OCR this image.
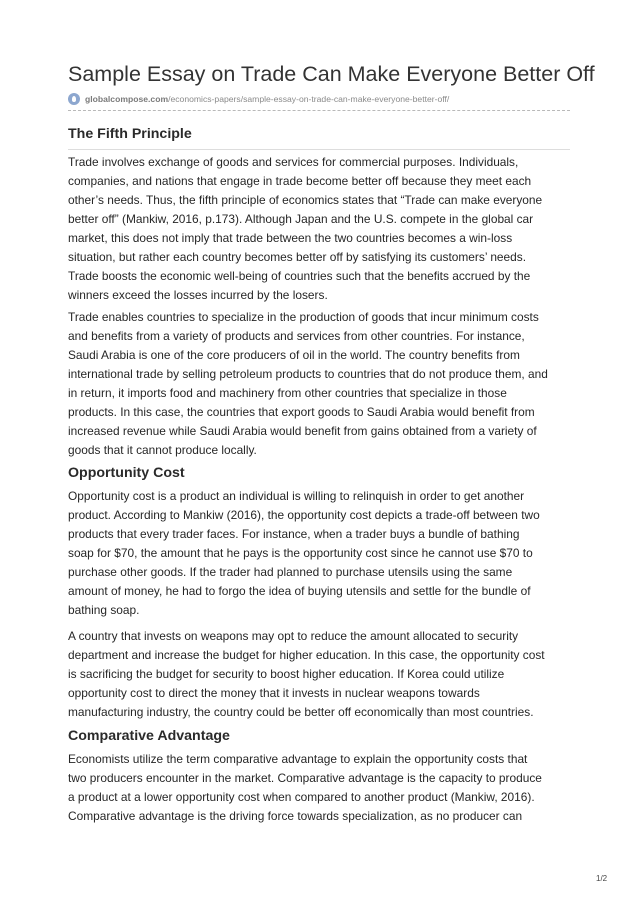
Sample Essay on Trade Can Make Everyone Better Off
globalcompose.com/economics-papers/sample-essay-on-trade-can-make-everyone-better-off/
The Fifth Principle
Trade involves exchange of goods and services for commercial purposes. Individuals, companies, and nations that engage in trade become better off because they meet each other’s needs. Thus, the fifth principle of economics states that “Trade can make everyone better off” (Mankiw, 2016, p.173). Although Japan and the U.S. compete in the global car market, this does not imply that trade between the two countries becomes a win-loss situation, but rather each country becomes better off by satisfying its customers’ needs. Trade boosts the economic well-being of countries such that the benefits accrued by the winners exceed the losses incurred by the losers.
Trade enables countries to specialize in the production of goods that incur minimum costs and benefits from a variety of products and services from other countries. For instance, Saudi Arabia is one of the core producers of oil in the world. The country benefits from international trade by selling petroleum products to countries that do not produce them, and in return, it imports food and machinery from other countries that specialize in those products. In this case, the countries that export goods to Saudi Arabia would benefit from increased revenue while Saudi Arabia would benefit from gains obtained from a variety of goods that it cannot produce locally.
Opportunity Cost
Opportunity cost is a product an individual is willing to relinquish in order to get another product. According to Mankiw (2016), the opportunity cost depicts a trade-off between two products that every trader faces. For instance, when a trader buys a bundle of bathing soap for $70, the amount that he pays is the opportunity cost since he cannot use $70 to purchase other goods. If the trader had planned to purchase utensils using the same amount of money, he had to forgo the idea of buying utensils and settle for the bundle of bathing soap.
A country that invests on weapons may opt to reduce the amount allocated to security department and increase the budget for higher education. In this case, the opportunity cost is sacrificing the budget for security to boost higher education. If Korea could utilize opportunity cost to direct the money that it invests in nuclear weapons towards manufacturing industry, the country could be better off economically than most countries.
Comparative Advantage
Economists utilize the term comparative advantage to explain the opportunity costs that two producers encounter in the market. Comparative advantage is the capacity to produce a product at a lower opportunity cost when compared to another product (Mankiw, 2016). Comparative advantage is the driving force towards specialization, as no producer can
1/2
